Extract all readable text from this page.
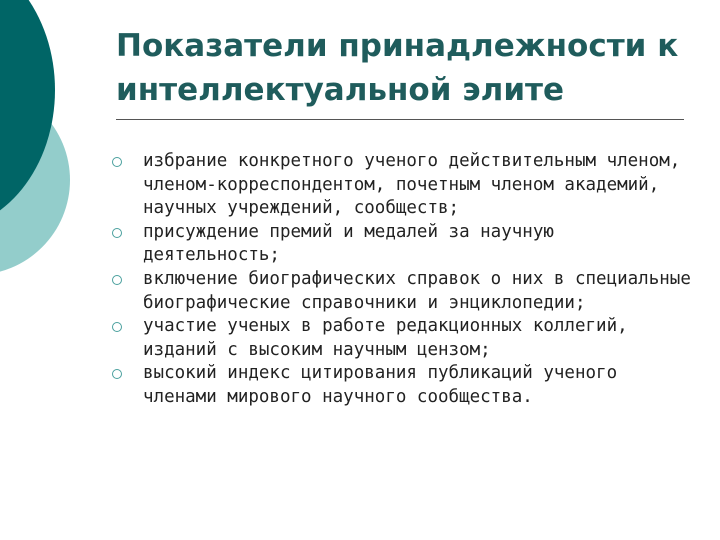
Показатели принадлежности к интеллектуальной элите
избрание конкретного ученого действительным членом, членом-корреспондентом, почетным членом академий, научных учреждений, сообществ;
присуждение премий и медалей за научную деятельность;
включение биографических справок о них в специальные биографические справочники и энциклопедии;
участие ученых в работе редакционных коллегий, изданий с высоким научным цензом;
высокий индекс цитирования публикаций ученого членами мирового научного сообщества.
